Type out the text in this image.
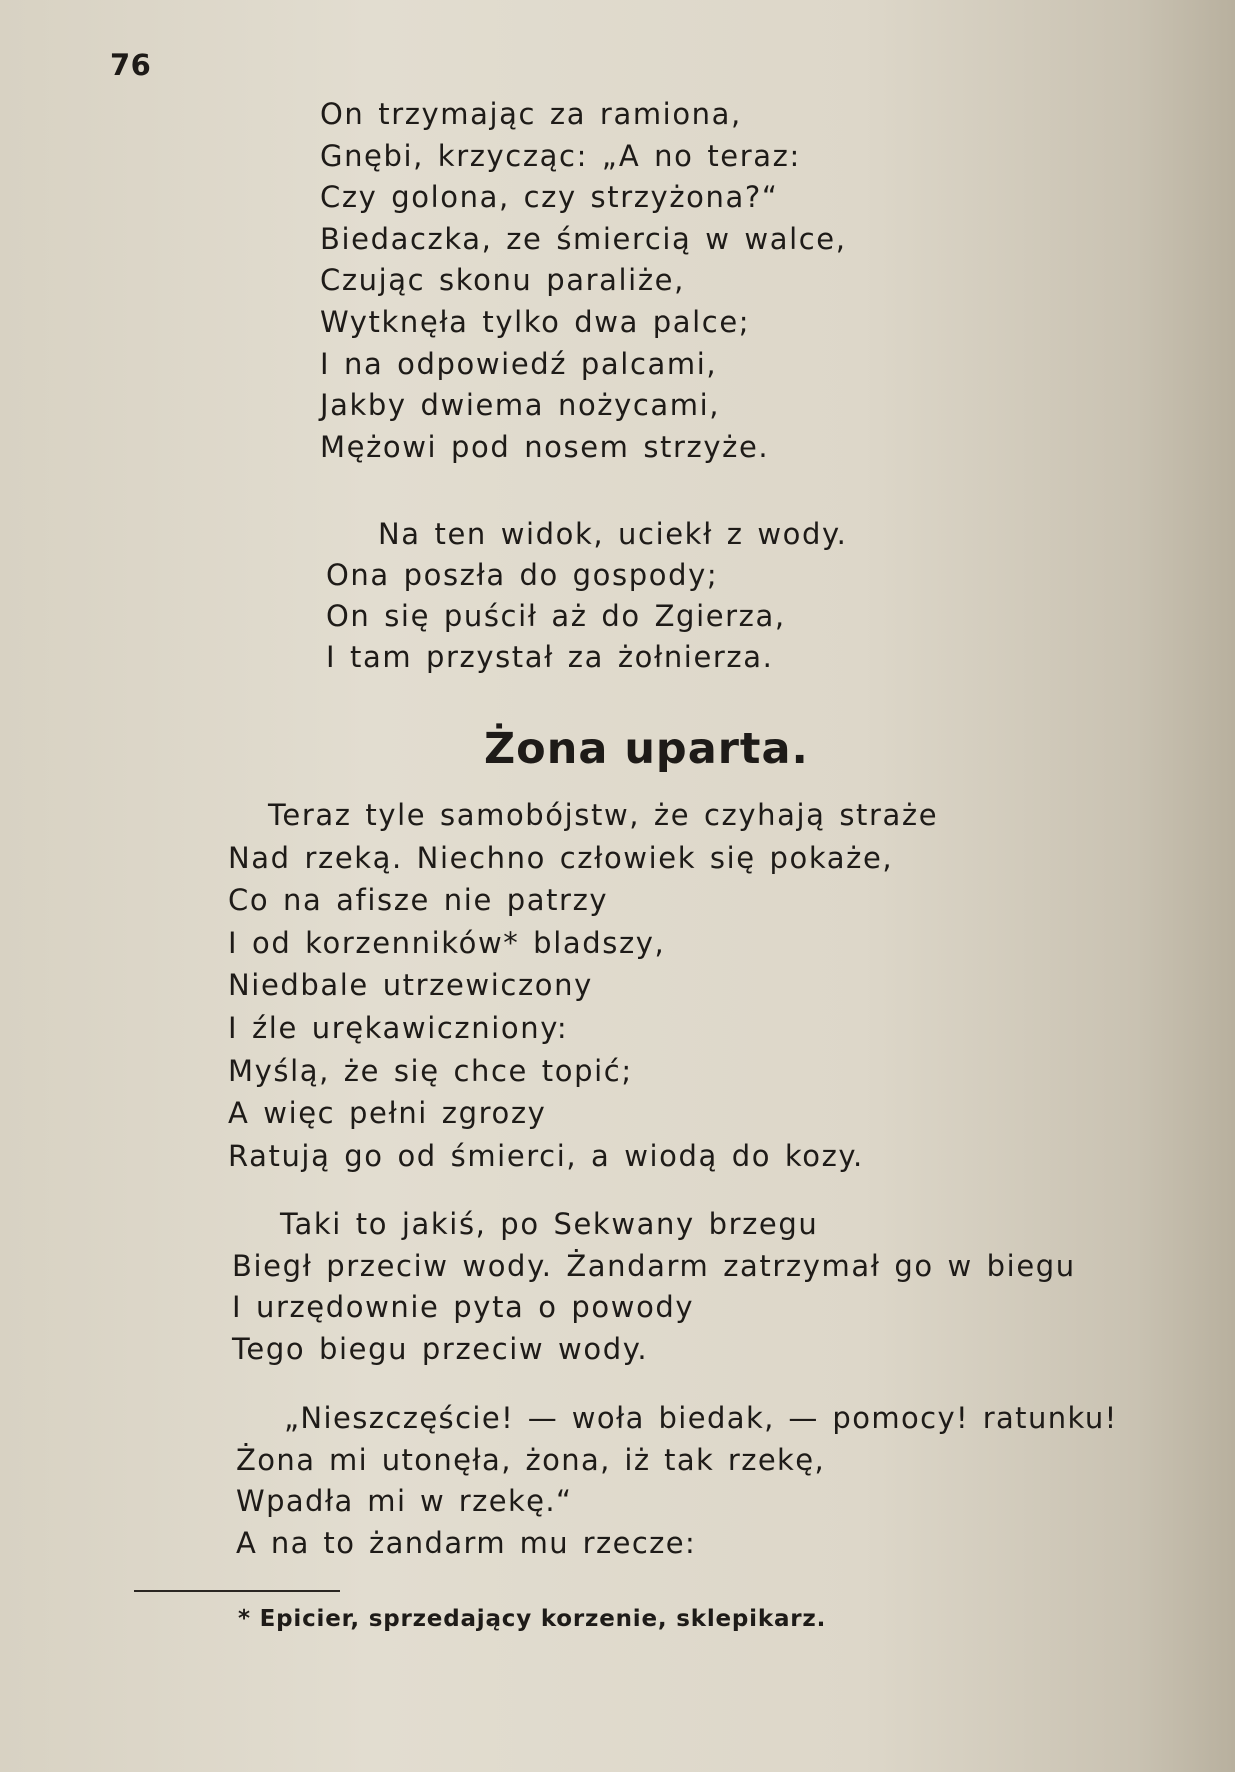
76
On trzymając za ramiona,
Gnębi, krzycząc: „A no teraz:
Czy golona, czy strzyżona?“
Biedaczka, ze śmiercią w walce,
Czując skonu paraliże,
Wytknęła tylko dwa palce;
I na odpowiedź palcami,
Jakby dwiema nożycami,
Mężowi pod nosem strzyże.
Na ten widok, uciekł z wody.
Ona poszła do gospody;
On się puścił aż do Zgierza,
I tam przystał za żołnierza.
Żona uparta.
Teraz tyle samobójstw, że czyhają straże
Nad rzeką. Niechno człowiek się pokaże,
Co na afisze nie patrzy
I od korzenników* bladszy,
Niedbale utrzewiczony
I źle urękawiczniony:
Myślą, że się chce topić;
A więc pełni zgrozy
Ratują go od śmierci, a wiodą do kozy.
Taki to jakiś, po Sekwany brzegu
Biegł przeciw wody. Żandarm zatrzymał go w biegu
I urzędownie pyta o powody
Tego biegu przeciw wody.
„Nieszczęście! — woła biedak, — pomocy! ratunku!
Żona mi utonęła, żona, iż tak rzekę,
Wpadła mi w rzekę.“
A na to żandarm mu rzecze:

* Epicier, sprzedający korzenie, sklepikarz.
